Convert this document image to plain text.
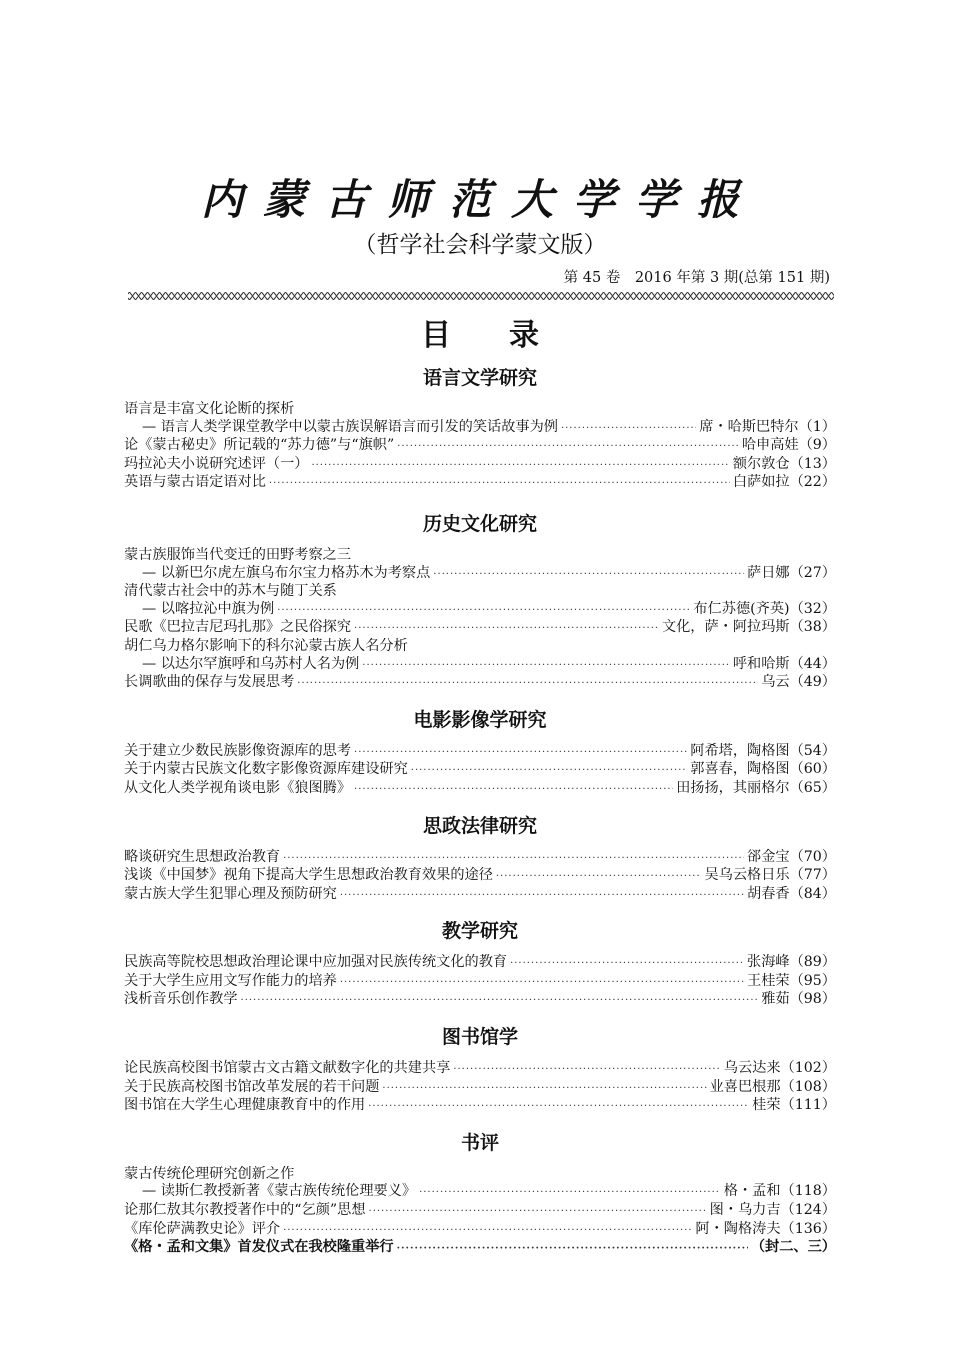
内蒙古师范大学学报
（哲学社会科学蒙文版）
第 45 卷　2016 年第 3 期(总第 151 期)
目录
语言文学研究
语言是丰富文化论断的探析
— 语言人类学课堂教学中以蒙古族误解语言而引发的笑话故事为例 ·····	席・哈斯巴特尔（1）
论《蒙古秘史》所记载的“苏力德”与“旗帜” ·····	哈申高娃（9）
玛拉沁夫小说研究述评（一） ·····	额尔敦仓（13）
英语与蒙古语定语对比 ·····	白萨如拉（22）
历史文化研究
蒙古族服饰当代变迁的田野考察之三
— 以新巴尔虎左旗乌布尔宝力格苏木为考察点 ·····	萨日娜（27）
清代蒙古社会中的苏木与随丁关系
— 以喀拉沁中旗为例 ·····	布仁苏德(齐英)（32）
民歌《巴拉吉尼玛扎那》之民俗探究 ·····	文化，萨・阿拉玛斯（38）
胡仁乌力格尔影响下的科尔沁蒙古族人名分析
— 以达尔罕旗呼和乌苏村人名为例 ·····	呼和哈斯（44）
长调歌曲的保存与发展思考 ·····	乌云（49）
电影影像学研究
关于建立少数民族影像资源库的思考 ·····	阿希塔，陶格图（54）
关于内蒙古民族文化数字影像资源库建设研究 ·····	郭喜春，陶格图（60）
从文化人类学视角谈电影《狼图腾》 ·····	田扬扬，其丽格尔（65）
思政法律研究
略谈研究生思想政治教育 ·····	郤金宝（70）
浅谈《中国梦》视角下提高大学生思想政治教育效果的途径 ·····	吴乌云格日乐（77）
蒙古族大学生犯罪心理及预防研究 ·····	胡春香（84）
教学研究
民族高等院校思想政治理论课中应加强对民族传统文化的教育 ·····	张海峰（89）
关于大学生应用文写作能力的培养 ·····	王桂荣（95）
浅析音乐创作教学 ·····	雅茹（98）
图书馆学
论民族高校图书馆蒙古文古籍文献数字化的共建共享 ·····	乌云达来（102）
关于民族高校图书馆改革发展的若干问题 ·····	业喜巴根那（108）
图书馆在大学生心理健康教育中的作用 ·····	桂荣（111）
书评
蒙古传统伦理研究创新之作
— 读斯仁教授新著《蒙古族传统伦理要义》 ·····	格・孟和（118）
论那仁敖其尔教授著作中的“乞颜”思想 ·····	图・乌力吉（124）
《库伦萨满教史论》评介 ·····	阿・陶格涛夫（136）
《格・孟和文集》首发仪式在我校隆重举行 ·····	（封二、三）
